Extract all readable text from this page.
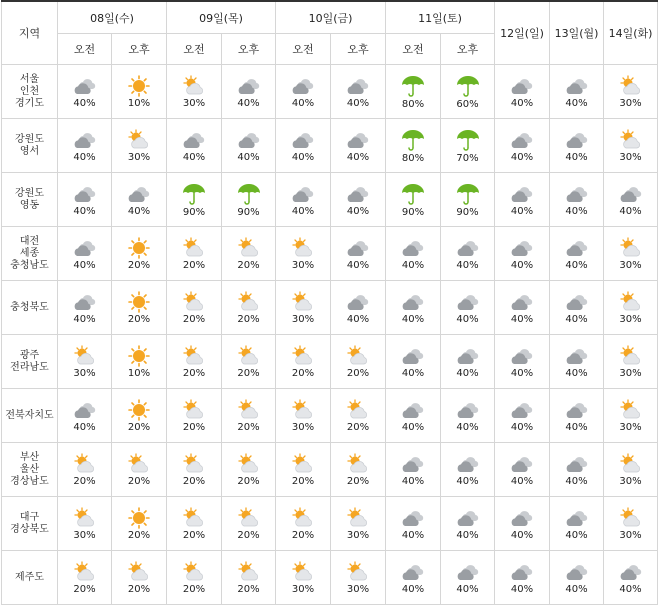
지역	08일(수)		09일(목)		10일(금)		11일(토)		12일(일)	13일(월)	14일(화)
	오전	오후	오전	오후	오전	오후	오전	오후			
서울
인천
경기도	40%	10%	30%	40%	40%	40%	80%	60%	40%	40%	30%

강원도
영서	40%	30%	40%	40%	40%	40%	80%	70%	40%	40%	30%

강원도
영동	40%	40%	90%	90%	40%	40%	90%	90%	40%	40%	40%

대전
세종
충청남도	40%	20%	20%	20%	30%	40%	40%	40%	40%	40%	30%

충청북도	40%	20%	20%	20%	30%	40%	40%	40%	40%	40%	30%

광주
전라남도	30%	10%	20%	20%	20%	20%	40%	40%	40%	40%	30%

전북자치도	40%	20%	20%	20%	30%	20%	40%	40%	40%	40%	30%

부산
울산
경상남도	20%	20%	20%	20%	20%	20%	40%	40%	40%	40%	30%

대구
경상북도	30%	20%	20%	20%	20%	30%	40%	40%	40%	40%	30%

제주도	20%	20%	20%	20%	30%	30%	40%	40%	40%	40%	40%
